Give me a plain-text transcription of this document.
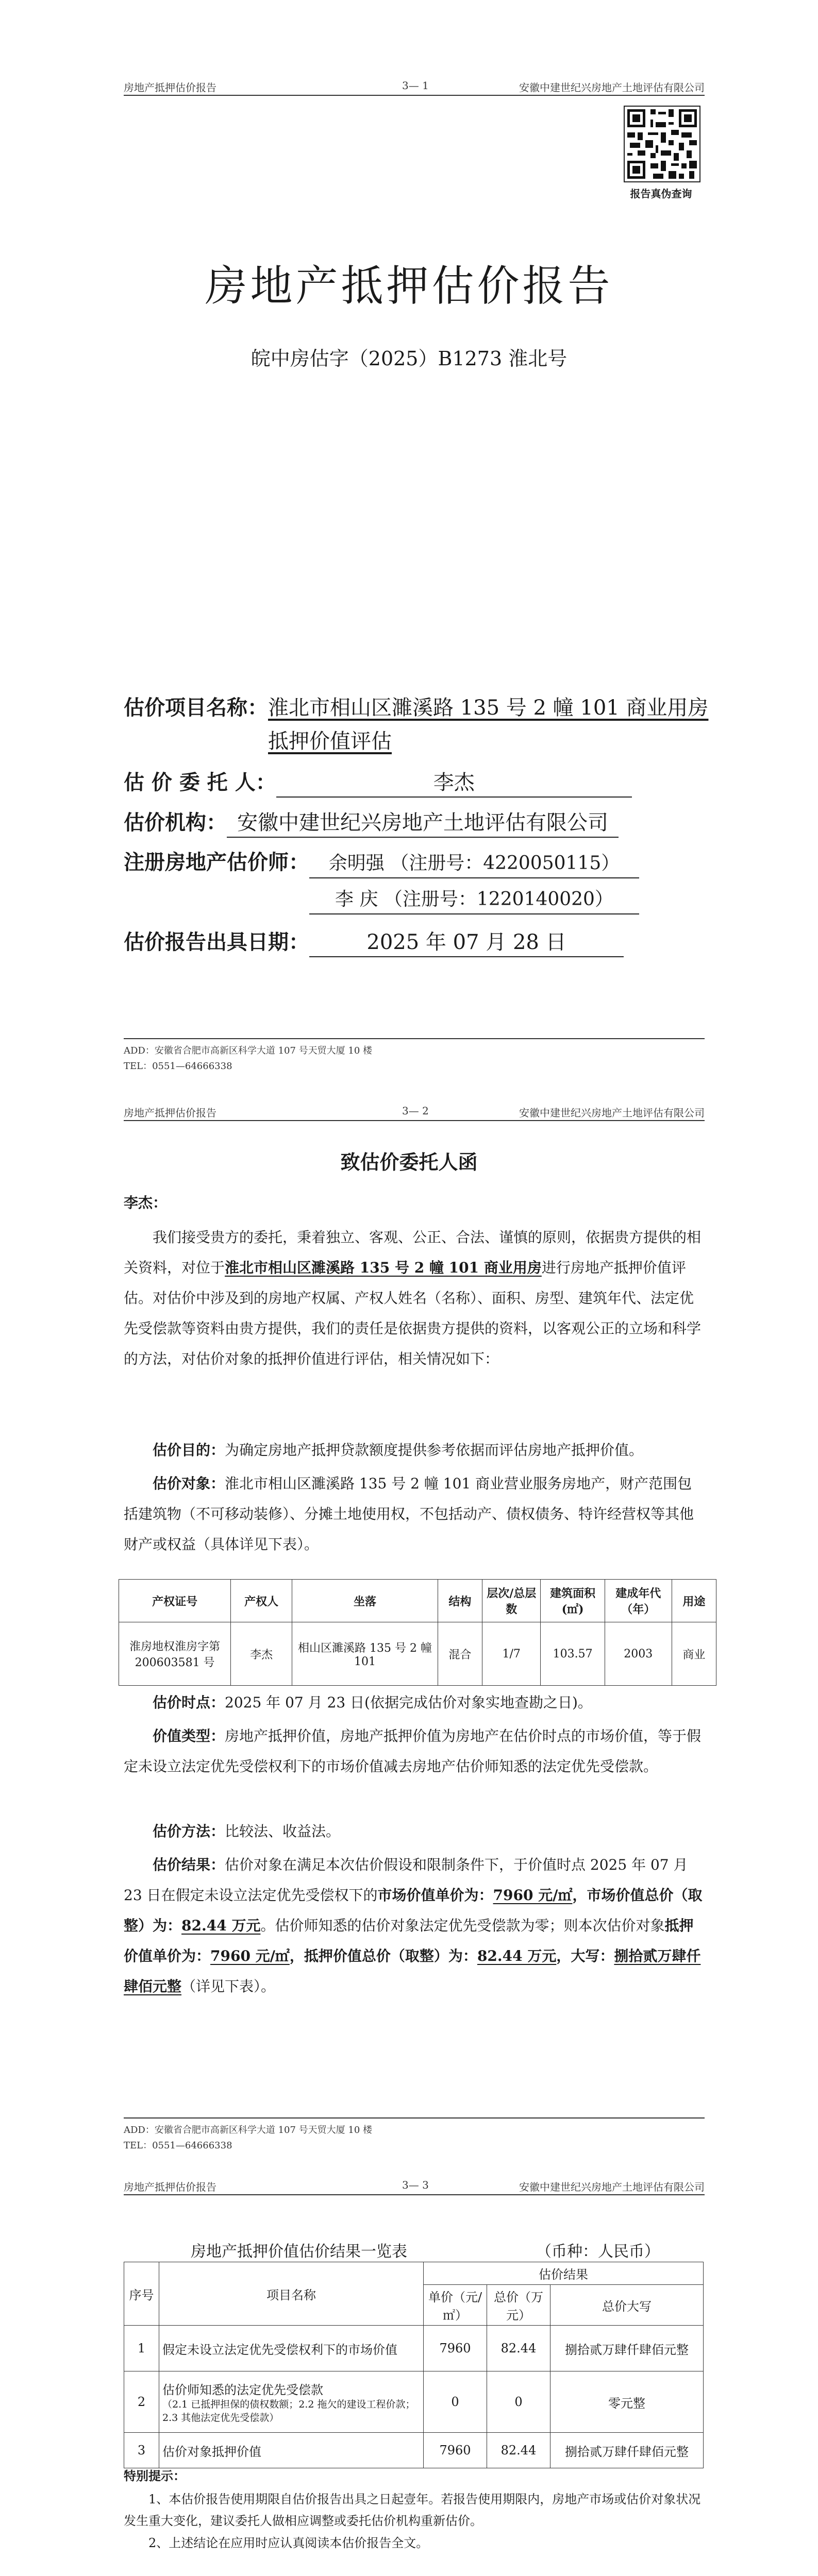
房地产抵押估价报告	3— 1	安徽中建世纪兴房地产土地评估有限公司
报告真伪查询
房地产抵押估价报告
皖中房估字（2025）B1273 淮北号
估价项目名称：淮北市相山区濉溪路 135 号 2 幢 101 商业用房
抵押价值评估
估 价 委 托 人：	李杰
估价机构： 安徽中建世纪兴房地产土地评估有限公司
注册房地产估价师： 余明强 （注册号：4220050115）
李 庆 （注册号：1220140020）
估价报告出具日期：	2025 年 07 月 28 日
ADD：安徽省合肥市高新区科学大道 107 号天贸大厦 10 楼
TEL：0551—64666338
房地产抵押估价报告	3— 2	安徽中建世纪兴房地产土地评估有限公司
致估价委托人函
李杰：
我们接受贵方的委托，秉着独立、客观、公正、合法、谨慎的原则，依据贵方提供的相关资料，对位于淮北市相山区濉溪路 135 号 2 幢 101 商业用房进行房地产抵押价值评估。对估价中涉及到的房地产权属、产权人姓名（名称）、面积、房型、建筑年代、法定优先受偿款等资料由贵方提供，我们的责任是依据贵方提供的资料，以客观公正的立场和科学的方法，对估价对象的抵押价值进行评估，相关情况如下：
估价目的：为确定房地产抵押贷款额度提供参考依据而评估房地产抵押价值。
估价对象：淮北市相山区濉溪路 135 号 2 幢 101 商业营业服务房地产，财产范围包括建筑物（不可移动装修）、分摊土地使用权，不包括动产、债权债务、特许经营权等其他财产或权益（具体详见下表）。
产权证号	产权人	坐落	结构	层次/总层数	建筑面积(㎡)	建成年代（年）	用途
淮房地权淮房字第 200603581 号	李杰	相山区濉溪路 135 号 2 幢 101	混合	1/7	103.57	2003	商业
估价时点：2025 年 07 月 23 日(依据完成估价对象实地查勘之日)。
价值类型：房地产抵押价值，房地产抵押价值为房地产在估价时点的市场价值，等于假定未设立法定优先受偿权利下的市场价值减去房地产估价师知悉的法定优先受偿款。
估价方法：比较法、收益法。
估价结果：估价对象在满足本次估价假设和限制条件下，于价值时点 2025 年 07 月 23 日在假定未设立法定优先受偿权下的市场价值单价为：7960 元/㎡，市场价值总价（取整）为：82.44 万元。估价师知悉的估价对象法定优先受偿款为零；则本次估价对象抵押价值单价为：7960 元/㎡，抵押价值总价（取整）为：82.44 万元，大写：捌拾贰万肆仟肆佰元整（详见下表）。
ADD：安徽省合肥市高新区科学大道 107 号天贸大厦 10 楼
TEL：0551—64666338
房地产抵押估价报告	3— 3	安徽中建世纪兴房地产土地评估有限公司
房地产抵押价值估价结果一览表	（币种：人民币）
序号	项目名称	估价结果		
		单价（元/㎡）	总价（万元）	总价大写
1	假定未设立法定优先受偿权利下的市场价值	7960	82.44	捌拾贰万肆仟肆佰元整
2	估价师知悉的法定优先受偿款
（2.1 已抵押担保的债权数额；2.2 拖欠的建设工程价款；2.3 其他法定优先受偿款）	0	0	零元整
3	估价对象抵押价值	7960	82.44	捌拾贰万肆仟肆佰元整
特别提示：
1、本估价报告使用期限自估价报告出具之日起壹年。若报告使用期限内，房地产市场或估价对象状况发生重大变化，建议委托人做相应调整或委托估价机构重新估价。
2、上述结论在应用时应认真阅读本估价报告全文。
